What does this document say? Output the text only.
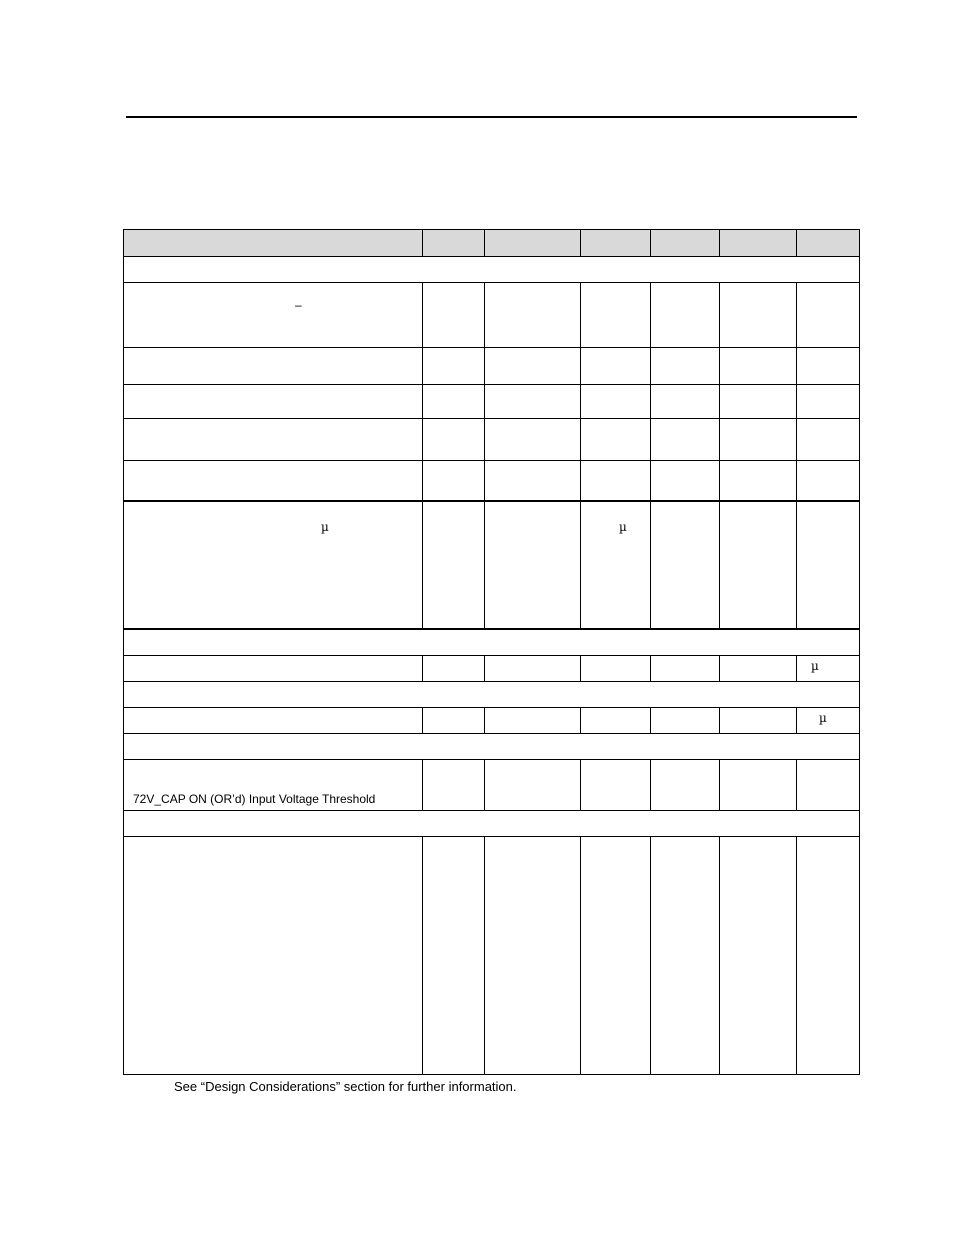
–						

µ			µ			

						µ

						µ

72V_CAP ON (OR’d) Input Voltage Threshold						

See “Design Considerations” section for further information.
